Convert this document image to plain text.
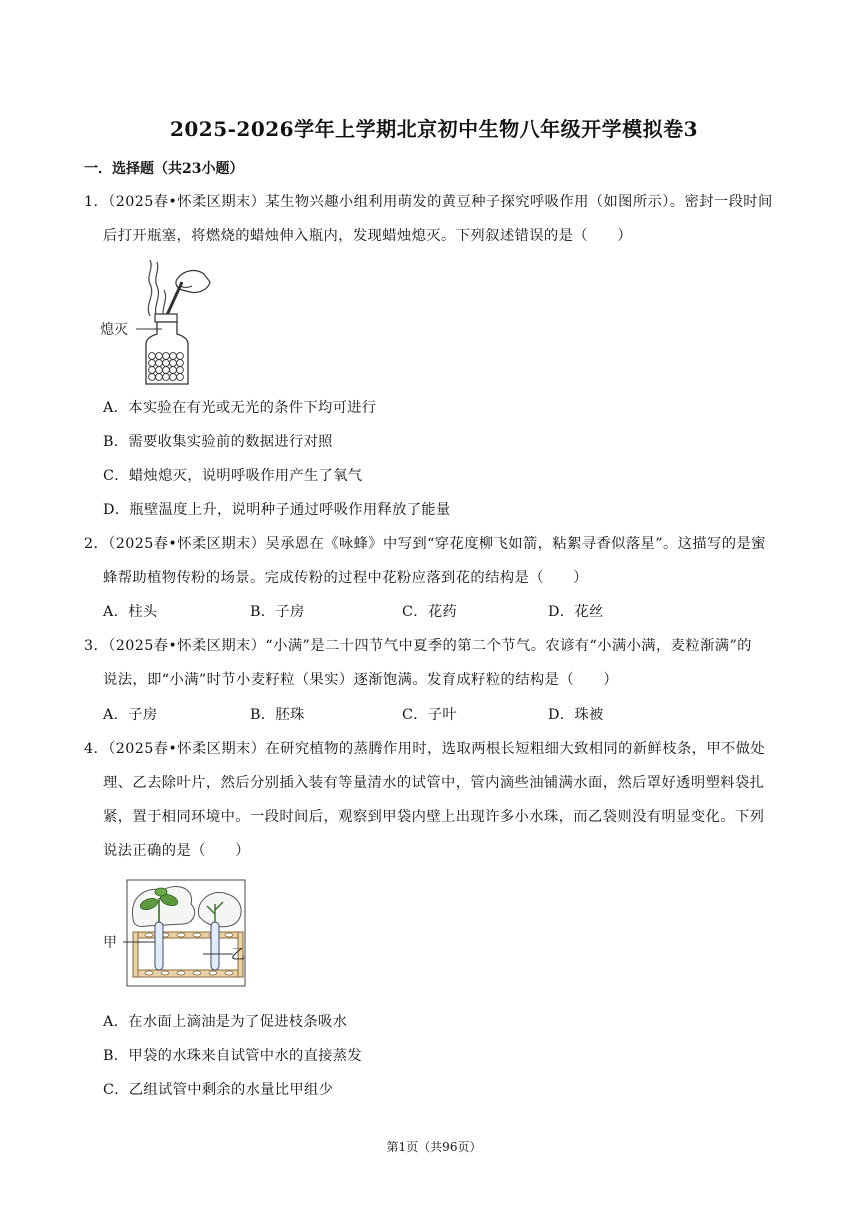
2025-2026学年上学期北京初中生物八年级开学模拟卷3
一．选择题（共23小题）
1．（2025春•怀柔区期末）某生物兴趣小组利用萌发的黄豆种子探究呼吸作用（如图所示）。密封一段时间
后打开瓶塞，将燃烧的蜡烛伸入瓶内，发现蜡烛熄灭。下列叙述错误的是（　　）
熄灭
A．本实验在有光或无光的条件下均可进行
B．需要收集实验前的数据进行对照
C．蜡烛熄灭，说明呼吸作用产生了氧气
D．瓶壁温度上升，说明种子通过呼吸作用释放了能量
2．（2025春•怀柔区期末）吴承恩在《咏蜂》中写到“穿花度柳飞如箭，粘絮寻香似落星”。这描写的是蜜
蜂帮助植物传粉的场景。完成传粉的过程中花粉应落到花的结构是（　　）
A．柱头	B．子房	C．花药	D．花丝
3．（2025春•怀柔区期末）“小满”是二十四节气中夏季的第二个节气。农谚有“小满小满，麦粒渐满”的
说法，即“小满”时节小麦籽粒（果实）逐渐饱满。发育成籽粒的结构是（　　）
A．子房	B．胚珠	C．子叶	D．珠被
4．（2025春•怀柔区期末）在研究植物的蒸腾作用时，选取两根长短粗细大致相同的新鲜枝条，甲不做处
理、乙去除叶片，然后分别插入装有等量清水的试管中，管内滴些油铺满水面，然后罩好透明塑料袋扎
紧，置于相同环境中。一段时间后，观察到甲袋内壁上出现许多小水珠，而乙袋则没有明显变化。下列
说法正确的是（　　）
甲
乙
A．在水面上滴油是为了促进枝条吸水
B．甲袋的水珠来自试管中水的直接蒸发
C．乙组试管中剩余的水量比甲组少
第1页（共96页）
